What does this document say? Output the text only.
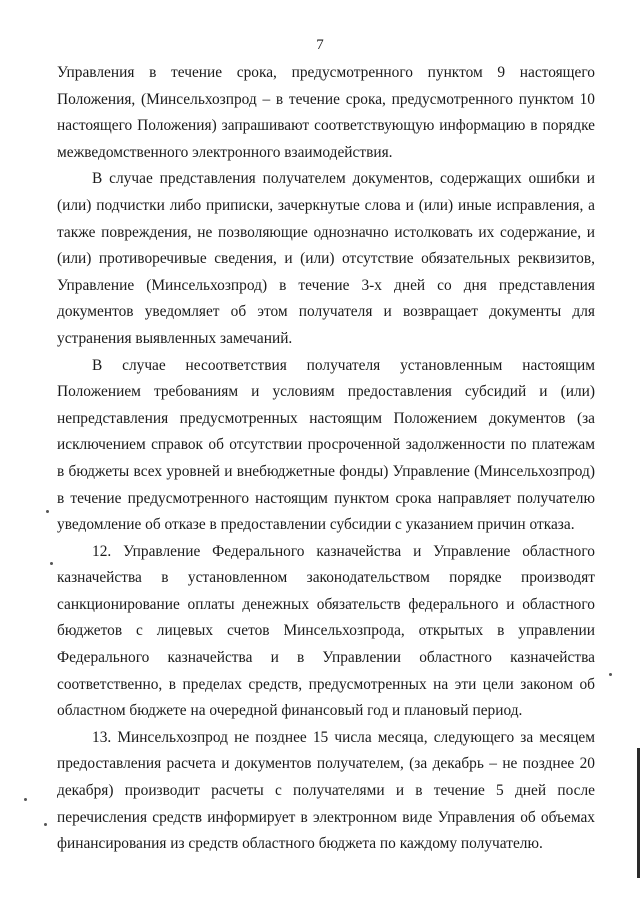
7

Управления в течение срока, предусмотренного пунктом 9 настоящего Положения, (Минсельхозпрод – в течение срока, предусмотренного пунктом 10 настоящего Положения) запрашивают соответствующую информацию в порядке межведомственного электронного взаимодействия.

В случае представления получателем документов, содержащих ошибки и (или) подчистки либо приписки, зачеркнутые слова и (или) иные исправления, а также повреждения, не позволяющие однозначно истолковать их содержание, и (или) противоречивые сведения, и (или) отсутствие обязательных реквизитов, Управление (Минсельхозпрод) в течение 3-х дней со дня представления документов уведомляет об этом получателя и возвращает документы для устранения выявленных замечаний.

В случае несоответствия получателя установленным настоящим Положением требованиям и условиям предоставления субсидий и (или) непредставления предусмотренных настоящим Положением документов (за исключением справок об отсутствии просроченной задолженности по платежам в бюджеты всех уровней и внебюджетные фонды) Управление (Минсельхозпрод) в течение предусмотренного настоящим пунктом срока направляет получателю уведомление об отказе в предоставлении субсидии с указанием причин отказа.

12. Управление Федерального казначейства и Управление областного казначейства в установленном законодательством порядке производят санкционирование оплаты денежных обязательств федерального и областного бюджетов с лицевых счетов Минсельхозпрода, открытых в управлении Федерального казначейства и в Управлении областного казначейства соответственно, в пределах средств, предусмотренных на эти цели законом об областном бюджете на очередной финансовый год и плановый период.

13. Минсельхозпрод не позднее 15 числа месяца, следующего за месяцем предоставления расчета и документов получателем, (за декабрь – не позднее 20 декабря) производит расчеты с получателями и в течение 5 дней после перечисления средств информирует в электронном виде Управления об объемах финансирования из средств областного бюджета по каждому получателю.
